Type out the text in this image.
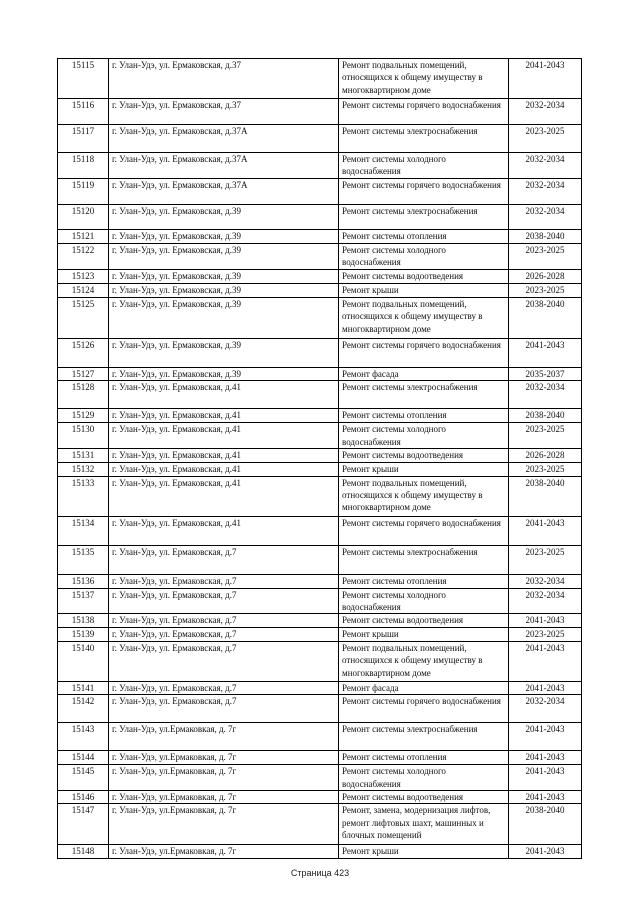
15115	г. Улан-Удэ, ул. Ермаковская, д.37	Ремонт подвальных помещений, относящихся к общему имуществу в многоквартирном доме	2041-2043
15116	г. Улан-Удэ, ул. Ермаковская, д.37	Ремонт системы горячего водоснабжения	2032-2034
15117	г. Улан-Удэ, ул. Ермаковская, д.37А	Ремонт системы электроснабжения	2023-2025
15118	г. Улан-Удэ, ул. Ермаковская, д.37А	Ремонт системы холодного водоснабжения	2032-2034
15119	г. Улан-Удэ, ул. Ермаковская, д.37А	Ремонт системы горячего водоснабжения	2032-2034
15120	г. Улан-Удэ, ул. Ермаковская, д.39	Ремонт системы электроснабжения	2032-2034
15121	г. Улан-Удэ, ул. Ермаковская, д.39	Ремонт системы отопления	2038-2040
15122	г. Улан-Удэ, ул. Ермаковская, д.39	Ремонт системы холодного водоснабжения	2023-2025
15123	г. Улан-Удэ, ул. Ермаковская, д.39	Ремонт системы водоотведения	2026-2028
15124	г. Улан-Удэ, ул. Ермаковская, д.39	Ремонт крыши	2023-2025
15125	г. Улан-Удэ, ул. Ермаковская, д.39	Ремонт подвальных помещений, относящихся к общему имуществу в многоквартирном доме	2038-2040
15126	г. Улан-Удэ, ул. Ермаковская, д.39	Ремонт системы горячего водоснабжения	2041-2043
15127	г. Улан-Удэ, ул. Ермаковская, д.39	Ремонт фасада	2035-2037
15128	г. Улан-Удэ, ул. Ермаковская, д.41	Ремонт системы электроснабжения	2032-2034
15129	г. Улан-Удэ, ул. Ермаковская, д.41	Ремонт системы отопления	2038-2040
15130	г. Улан-Удэ, ул. Ермаковская, д.41	Ремонт системы холодного водоснабжения	2023-2025
15131	г. Улан-Удэ, ул. Ермаковская, д.41	Ремонт системы водоотведения	2026-2028
15132	г. Улан-Удэ, ул. Ермаковская, д.41	Ремонт крыши	2023-2025
15133	г. Улан-Удэ, ул. Ермаковская, д.41	Ремонт подвальных помещений, относящихся к общему имуществу в многоквартирном доме	2038-2040
15134	г. Улан-Удэ, ул. Ермаковская, д.41	Ремонт системы горячего водоснабжения	2041-2043
15135	г. Улан-Удэ, ул. Ермаковская, д.7	Ремонт системы электроснабжения	2023-2025
15136	г. Улан-Удэ, ул. Ермаковская, д.7	Ремонт системы отопления	2032-2034
15137	г. Улан-Удэ, ул. Ермаковская, д.7	Ремонт системы холодного водоснабжения	2032-2034
15138	г. Улан-Удэ, ул. Ермаковская, д.7	Ремонт системы водоотведения	2041-2043
15139	г. Улан-Удэ, ул. Ермаковская, д.7	Ремонт крыши	2023-2025
15140	г. Улан-Удэ, ул. Ермаковская, д.7	Ремонт подвальных помещений, относящихся к общему имуществу в многоквартирном доме	2041-2043
15141	г. Улан-Удэ, ул. Ермаковская, д.7	Ремонт фасада	2041-2043
15142	г. Улан-Удэ, ул. Ермаковская, д.7	Ремонт системы горячего водоснабжения	2032-2034
15143	г. Улан-Удэ, ул.Ермаковкая, д. 7г	Ремонт системы электроснабжения	2041-2043
15144	г. Улан-Удэ, ул.Ермаковкая, д. 7г	Ремонт системы отопления	2041-2043
15145	г. Улан-Удэ, ул.Ермаковкая, д. 7г	Ремонт системы холодного водоснабжения	2041-2043
15146	г. Улан-Удэ, ул.Ермаковкая, д. 7г	Ремонт системы водоотведения	2041-2043
15147	г. Улан-Удэ, ул.Ермаковкая, д. 7г	Ремонт, замена, модернизация лифтов, ремонт лифтовых шахт, машинных и блочных помещений	2038-2040
15148	г. Улан-Удэ, ул.Ермаковкая, д. 7г	Ремонт крыши	2041-2043
Страница 423
